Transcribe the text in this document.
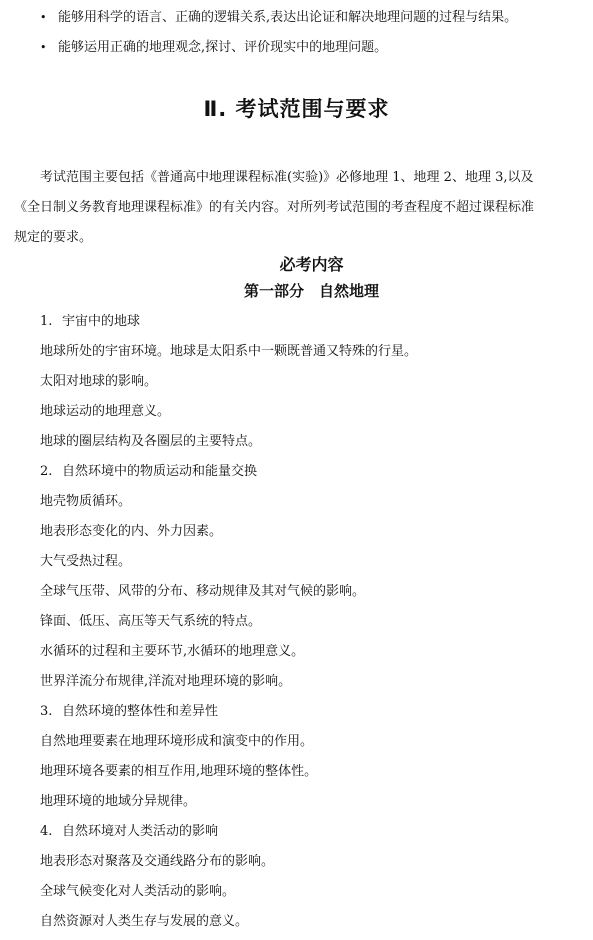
• 能够用科学的语言、正确的逻辑关系,表达出论证和解决地理问题的过程与结果。
• 能够运用正确的地理观念,探讨、评价现实中的地理问题。
Ⅱ. 考试范围与要求
考试范围主要包括《普通高中地理课程标准(实验)》必修地理 1、地理 2、地理 3,以及
《全日制义务教育地理课程标准》的有关内容。对所列考试范围的考查程度不超过课程标准
规定的要求。
必考内容
第一部分　自然地理
1. 宇宙中的地球
地球所处的宇宙环境。地球是太阳系中一颗既普通又特殊的行星。
太阳对地球的影响。
地球运动的地理意义。
地球的圈层结构及各圈层的主要特点。
2. 自然环境中的物质运动和能量交换
地壳物质循环。
地表形态变化的内、外力因素。
大气受热过程。
全球气压带、风带的分布、移动规律及其对气候的影响。
锋面、低压、高压等天气系统的特点。
水循环的过程和主要环节,水循环的地理意义。
世界洋流分布规律,洋流对地理环境的影响。
3. 自然环境的整体性和差异性
自然地理要素在地理环境形成和演变中的作用。
地理环境各要素的相互作用,地理环境的整体性。
地理环境的地域分异规律。
4. 自然环境对人类活动的影响
地表形态对聚落及交通线路分布的影响。
全球气候变化对人类活动的影响。
自然资源对人类生存与发展的意义。
